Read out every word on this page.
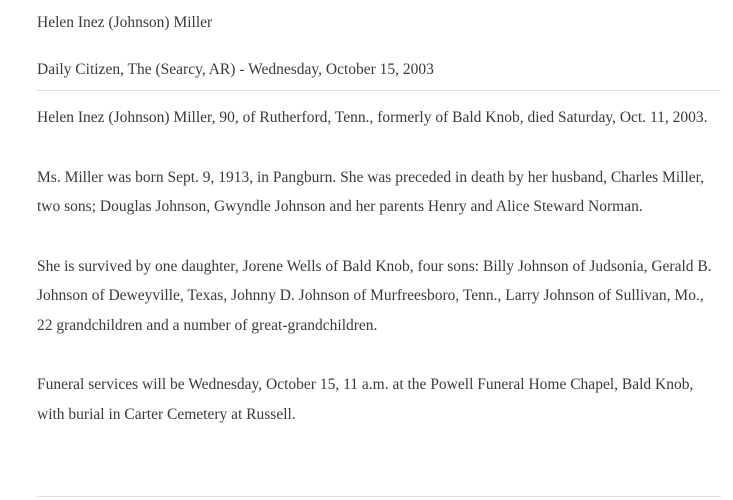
Helen Inez (Johnson) Miller
Daily Citizen, The (Searcy, AR) - Wednesday, October 15, 2003

Helen Inez (Johnson) Miller, 90, of Rutherford, Tenn., formerly of Bald Knob, died Saturday, Oct. 11, 2003.

Ms. Miller was born Sept. 9, 1913, in Pangburn. She was preceded in death by her husband, Charles Miller, two sons; Douglas Johnson, Gwyndle Johnson and her parents Henry and Alice Steward Norman.

She is survived by one daughter, Jorene Wells of Bald Knob, four sons: Billy Johnson of Judsonia, Gerald B. Johnson of Deweyville, Texas, Johnny D. Johnson of Murfreesboro, Tenn., Larry Johnson of Sullivan, Mo., 22 grandchildren and a number of great-grandchildren.

Funeral services will be Wednesday, October 15, 11 a.m. at the Powell Funeral Home Chapel, Bald Knob, with burial in Carter Cemetery at Russell.
